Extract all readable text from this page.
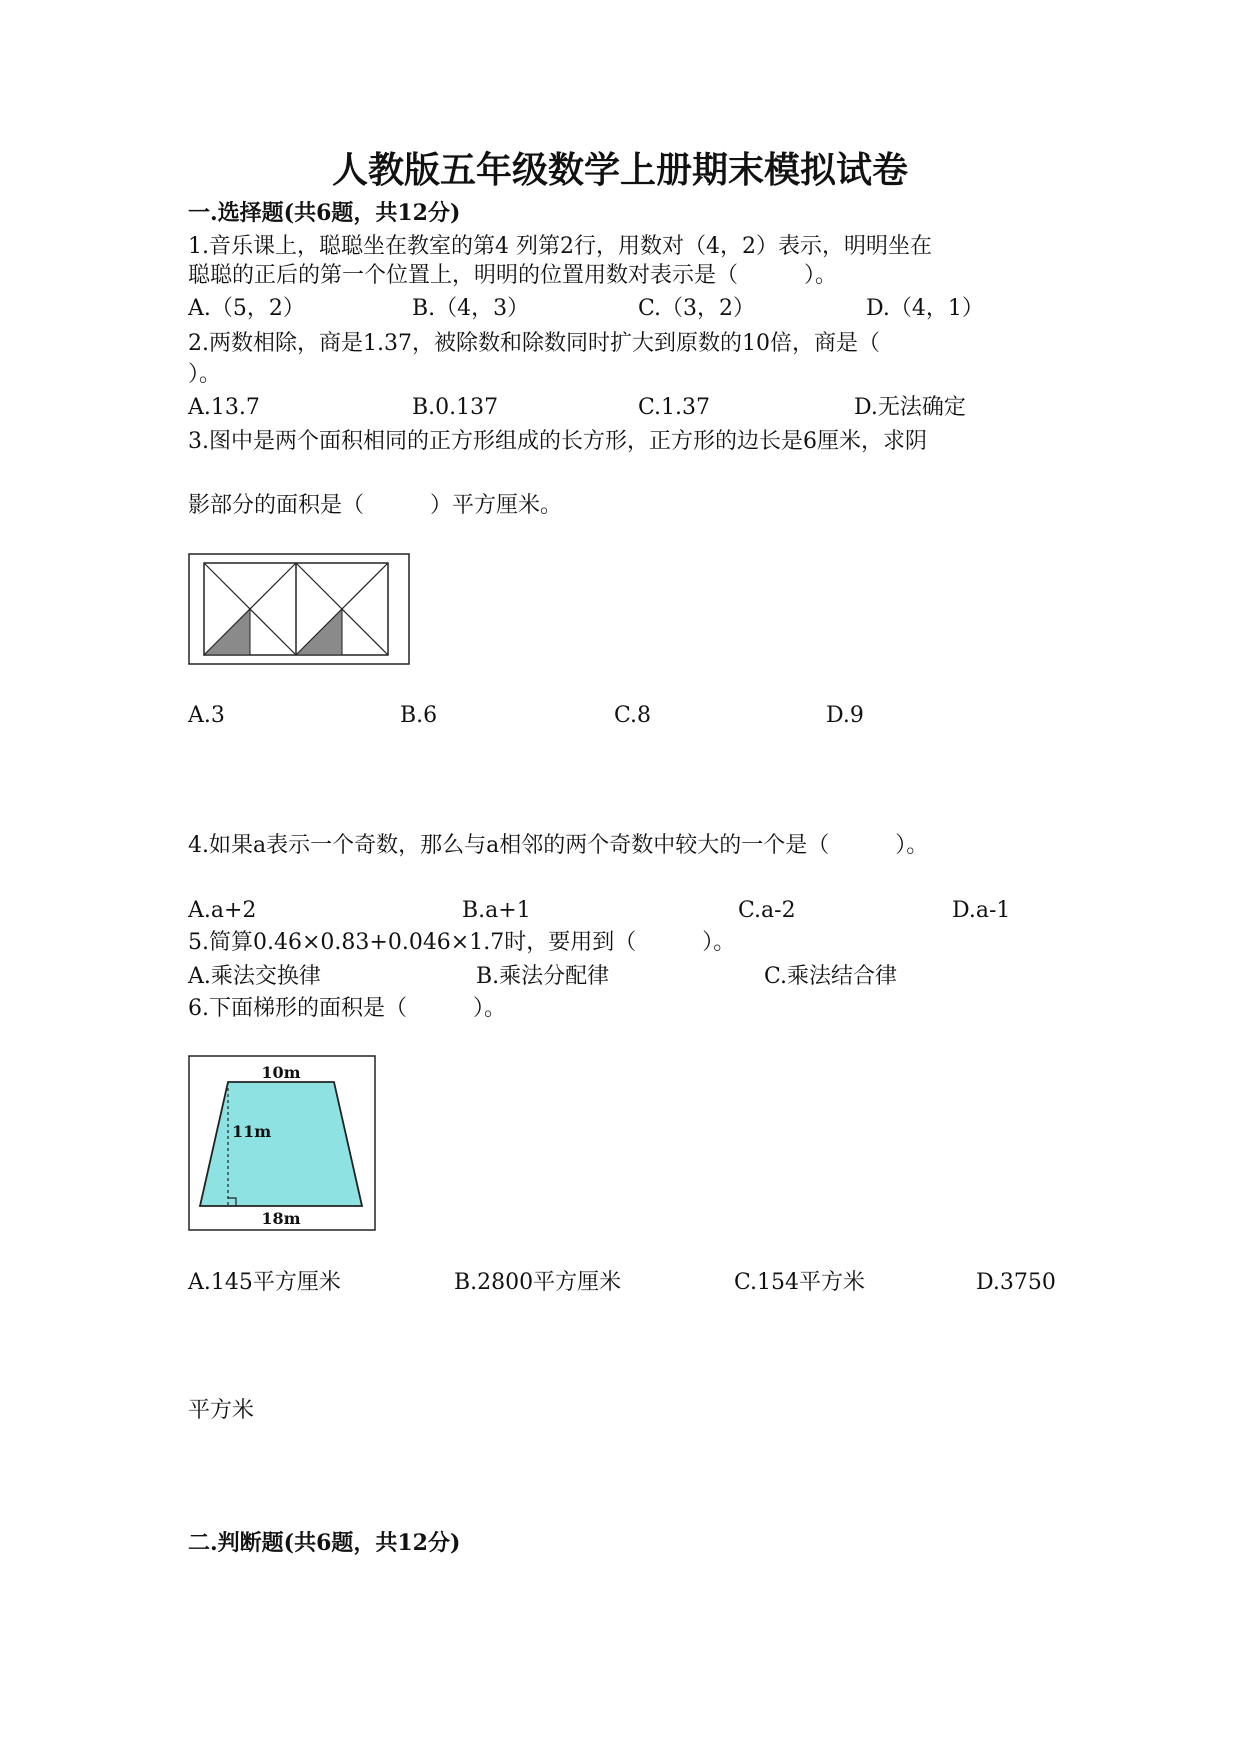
人教版五年级数学上册期末模拟试卷
一.选择题(共6题，共12分)
1.音乐课上，聪聪坐在教室的第4 列第2行，用数对（4，2）表示，明明坐在
聪聪的正后的第一个位置上，明明的位置用数对表示是（　　　）。
A.（5，2）	B.（4，3）	C.（3，2）	D.（4，1）
2.两数相除，商是1.37，被除数和除数同时扩大到原数的10倍，商是（
）。
A.13.7	B.0.137	C.1.37	D.无法确定
3.图中是两个面积相同的正方形组成的长方形，正方形的边长是6厘米，求阴
影部分的面积是（　　　）平方厘米。
A.3	B.6	C.8	D.9
4.如果a表示一个奇数，那么与a相邻的两个奇数中较大的一个是（　　　）。
A.a+2	B.a+1	C.a-2	D.a-1
5.简算0.46×0.83+0.046×1.7时，要用到（　　　）。
A.乘法交换律	B.乘法分配律	C.乘法结合律
6.下面梯形的面积是（　　　）。
10m
11m
18m
A.145平方厘米	B.2800平方厘米	C.154平方米	D.3750
平方米
二.判断题(共6题，共12分)
